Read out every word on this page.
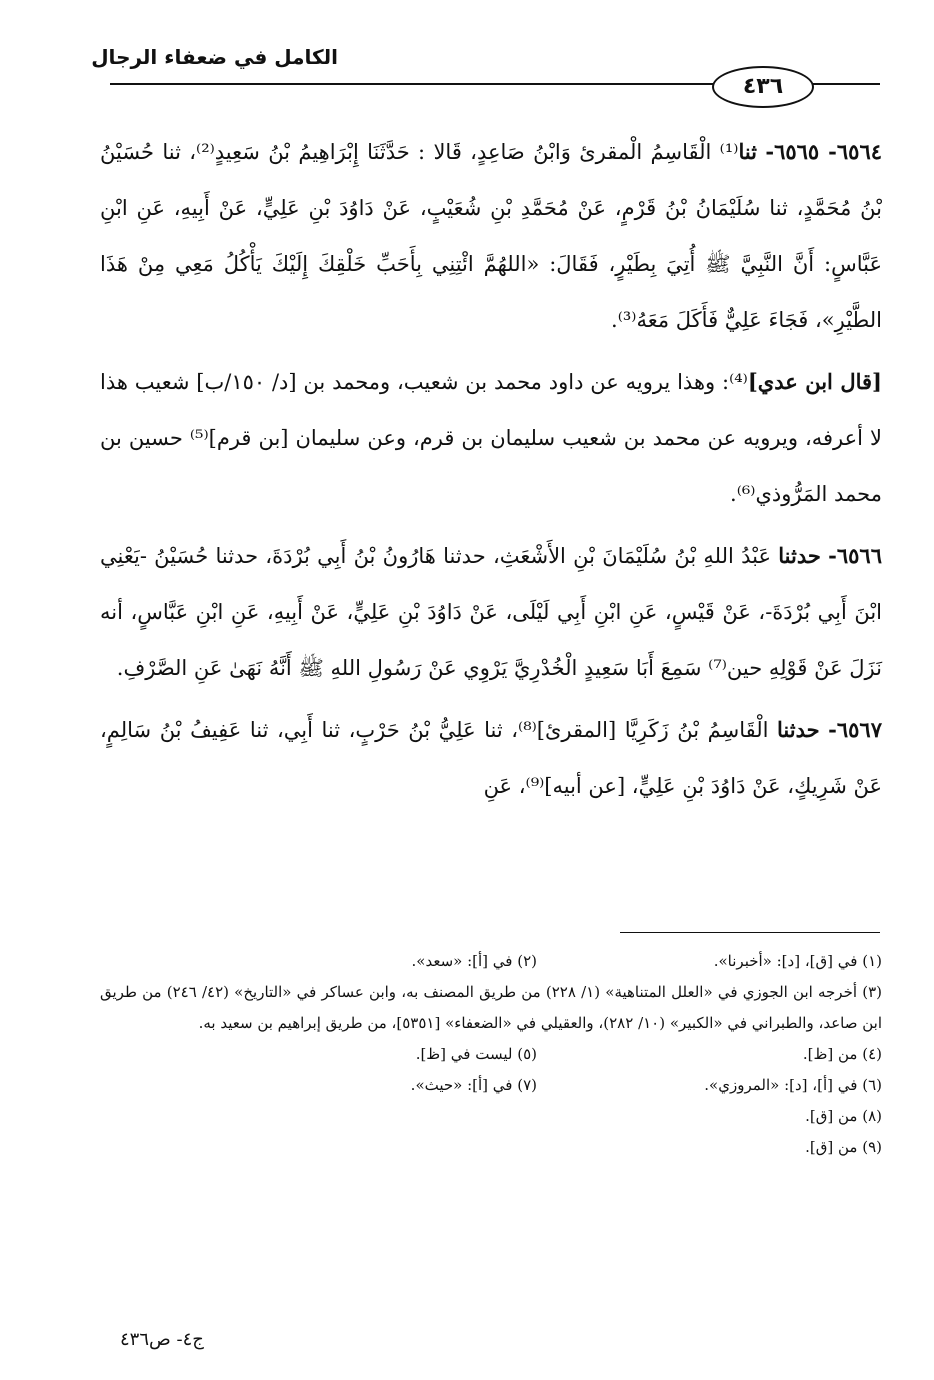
الكامل في ضعفاء الرجال
٤٣٦

٦٥٦٤- ٦٥٦٥- ثنا⁽¹⁾ الْقَاسِمُ الْمقرئ وَابْنُ صَاعِدٍ، قَالا : حَدَّثَنَا إِبْرَاهِيمُ بْنُ سَعِيدٍ⁽²⁾، ثنا حُسَيْنُ بْنُ مُحَمَّدٍ، ثنا سُلَيْمَانُ بْنُ قَرْمٍ، عَنْ مُحَمَّدِ بْنِ شُعَيْبٍ، عَنْ دَاوُدَ بْنِ عَلِيٍّ، عَنْ أَبِيهِ، عَنِ ابْنِ عَبَّاسٍ: أَنَّ النَّبِيَّ ﷺ أُتِيَ بِطَيْرٍ، فَقَالَ: «اللهُمَّ ائْتِنِي بِأَحَبِّ خَلْقِكَ إِلَيْكَ يَأْكُلُ مَعِي مِنْ هَذَا الطَّيْرِ»، فَجَاءَ عَلِيٌّ فَأَكَلَ مَعَهُ⁽³⁾.

[قال ابن عدي]⁽⁴⁾: وهذا يرويه عن داود محمد بن شعيب، ومحمد بن [د/ ١٥٠/ب] شعيب هذا لا أعرفه، ويرويه عن محمد بن شعيب سليمان بن قرم، وعن سليمان [بن قرم]⁽⁵⁾ حسين بن محمد المَرُّوذي⁽⁶⁾.

٦٥٦٦- حدثنا عَبْدُ اللهِ بْنُ سُلَيْمَانَ بْنِ الأَشْعَثِ، حدثنا هَارُونُ بْنُ أَبِي بُرْدَةَ، حدثنا حُسَيْنُ -يَعْنِي ابْنَ أَبِي بُرْدَةَ-، عَنْ قَيْسٍ، عَنِ ابْنِ أَبِي لَيْلَى، عَنْ دَاوُدَ بْنِ عَلِيٍّ، عَنْ أَبِيهِ، عَنِ ابْنِ عَبَّاسٍ، أنه نَزَلَ عَنْ قَوْلِهِ حين⁽⁷⁾ سَمِعَ أَبَا سَعِيدٍ الْخُدْرِيَّ يَرْوِي عَنْ رَسُولِ اللهِ ﷺ أَنَّهُ نَهَىٰ عَنِ الصَّرْفِ.

٦٥٦٧- حدثنا الْقَاسِمُ بْنُ زَكَرِيَّا [المقرئ]⁽⁸⁾، ثنا عَلِيُّ بْنُ حَرْبٍ، ثنا أَبِي، ثنا عَفِيفُ بْنُ سَالِمٍ، عَنْ شَرِيكٍ، عَنْ دَاوُدَ بْنِ عَلِيٍّ، [عن أبيه]⁽⁹⁾، عَنِ

(١) في [ق]، [د]: «أخبرنا».
(٢) في [أ]: «سعد».

(٣) أخرجه ابن الجوزي في «العلل المتناهية» (١/ ٢٢٨) من طريق المصنف به، وابن عساكر في «التاريخ» (٤٢/ ٢٤٦) من طريق ابن صاعد، والطبراني في «الكبير» (١٠/ ٢٨٢)، والعقيلي في «الضعفاء» [٥٣٥١]، من طريق إبراهيم بن سعيد به.

(٤) من [ظ].
(٥) ليست في [ظ].
(٦) في [أ]، [د]: «المروزي».
(٧) في [أ]: «حيث».
(٨) من [ق].
(٩) من [ق].
ج٤- ص٤٣٦
